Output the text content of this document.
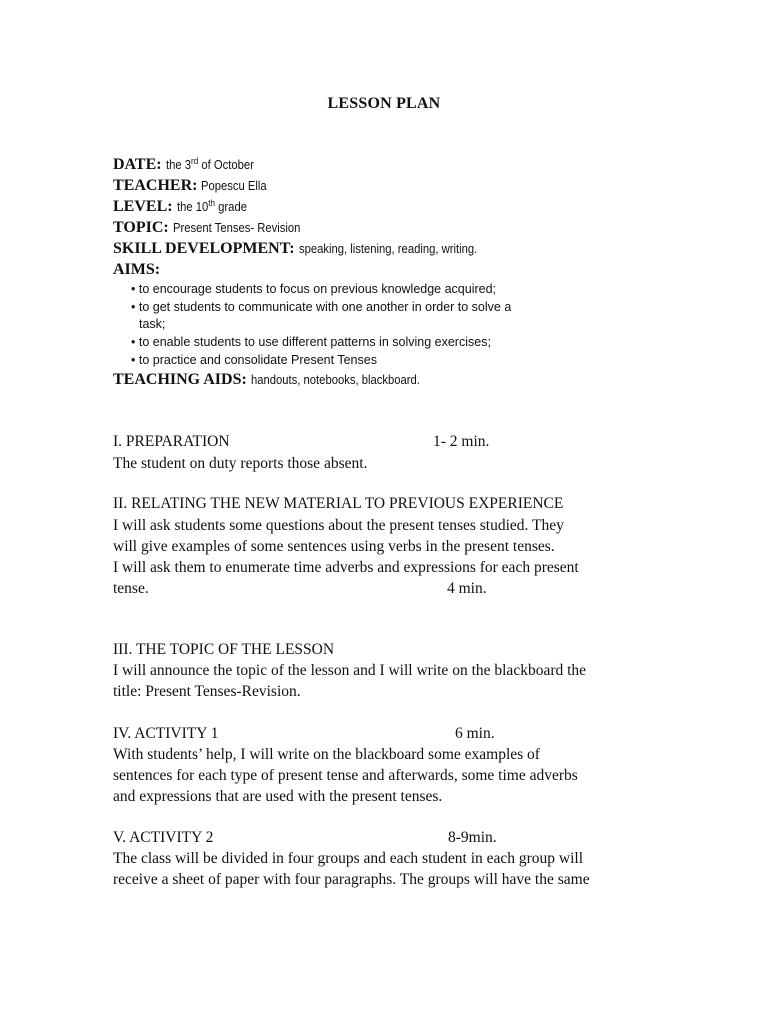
LESSON PLAN
DATE: the 3rd of October
TEACHER: Popescu Ella
LEVEL: the 10th grade
TOPIC: Present Tenses- Revision
SKILL DEVELOPMENT: speaking, listening, reading, writing.
AIMS:
• to encourage students to focus on previous knowledge acquired;
• to get students to communicate with one another in order to solve a
task;
• to enable students to use different patterns in solving exercises;
• to practice and consolidate Present Tenses
TEACHING AIDS: handouts, notebooks, blackboard.
I. PREPARATION	1- 2 min.
The student on duty reports those absent.
II. RELATING THE NEW MATERIAL TO PREVIOUS EXPERIENCE
I will ask students some questions about the present tenses studied. They
will give examples of some sentences using verbs in the present tenses.
I will ask them to enumerate time adverbs and expressions for each present
tense.	4 min.
III. THE TOPIC OF THE LESSON
I will announce the topic of the lesson and I will write on the blackboard the
title: Present Tenses-Revision.
IV. ACTIVITY 1	6 min.
With students’ help, I will write on the blackboard some examples of
sentences for each type of present tense and afterwards, some time adverbs
and expressions that are used with the present tenses.
V. ACTIVITY 2	8-9min.
The class will be divided in four groups and each student in each group will
receive a sheet of paper with four paragraphs. The groups will have the same
